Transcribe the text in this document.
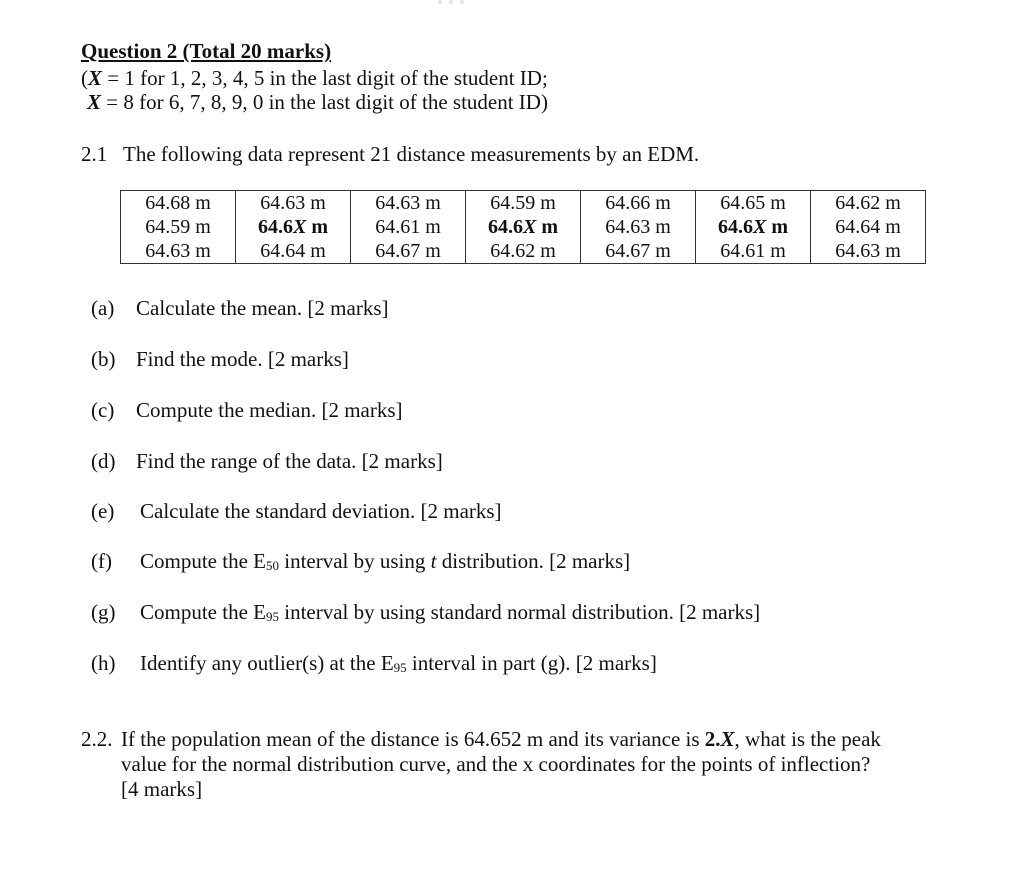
Question 2 (Total 20 marks)
(X = 1 for 1, 2, 3, 4, 5 in the last digit of the student ID;
X = 8 for 6, 7, 8, 9, 0 in the last digit of the student ID)
2.1 The following data represent 21 distance measurements by an EDM.
64.68 m	64.63 m	64.63 m	64.59 m	64.66 m	64.65 m	64.62 m
64.59 m	64.6X m	64.61 m	64.6X m	64.63 m	64.6X m	64.64 m
64.63 m	64.64 m	64.67 m	64.62 m	64.67 m	64.61 m	64.63 m
(a) Calculate the mean. [2 marks]
(b) Find the mode. [2 marks]
(c) Compute the median. [2 marks]
(d) Find the range of the data. [2 marks]
(e) Calculate the standard deviation. [2 marks]
(f) Compute the E50 interval by using t distribution. [2 marks]
(g) Compute the E95 interval by using standard normal distribution. [2 marks]
(h) Identify any outlier(s) at the E95 interval in part (g). [2 marks]
2.2. If the population mean of the distance is 64.652 m and its variance is 2.X, what is the peak value for the normal distribution curve, and the x coordinates for the points of inflection? [4 marks]
